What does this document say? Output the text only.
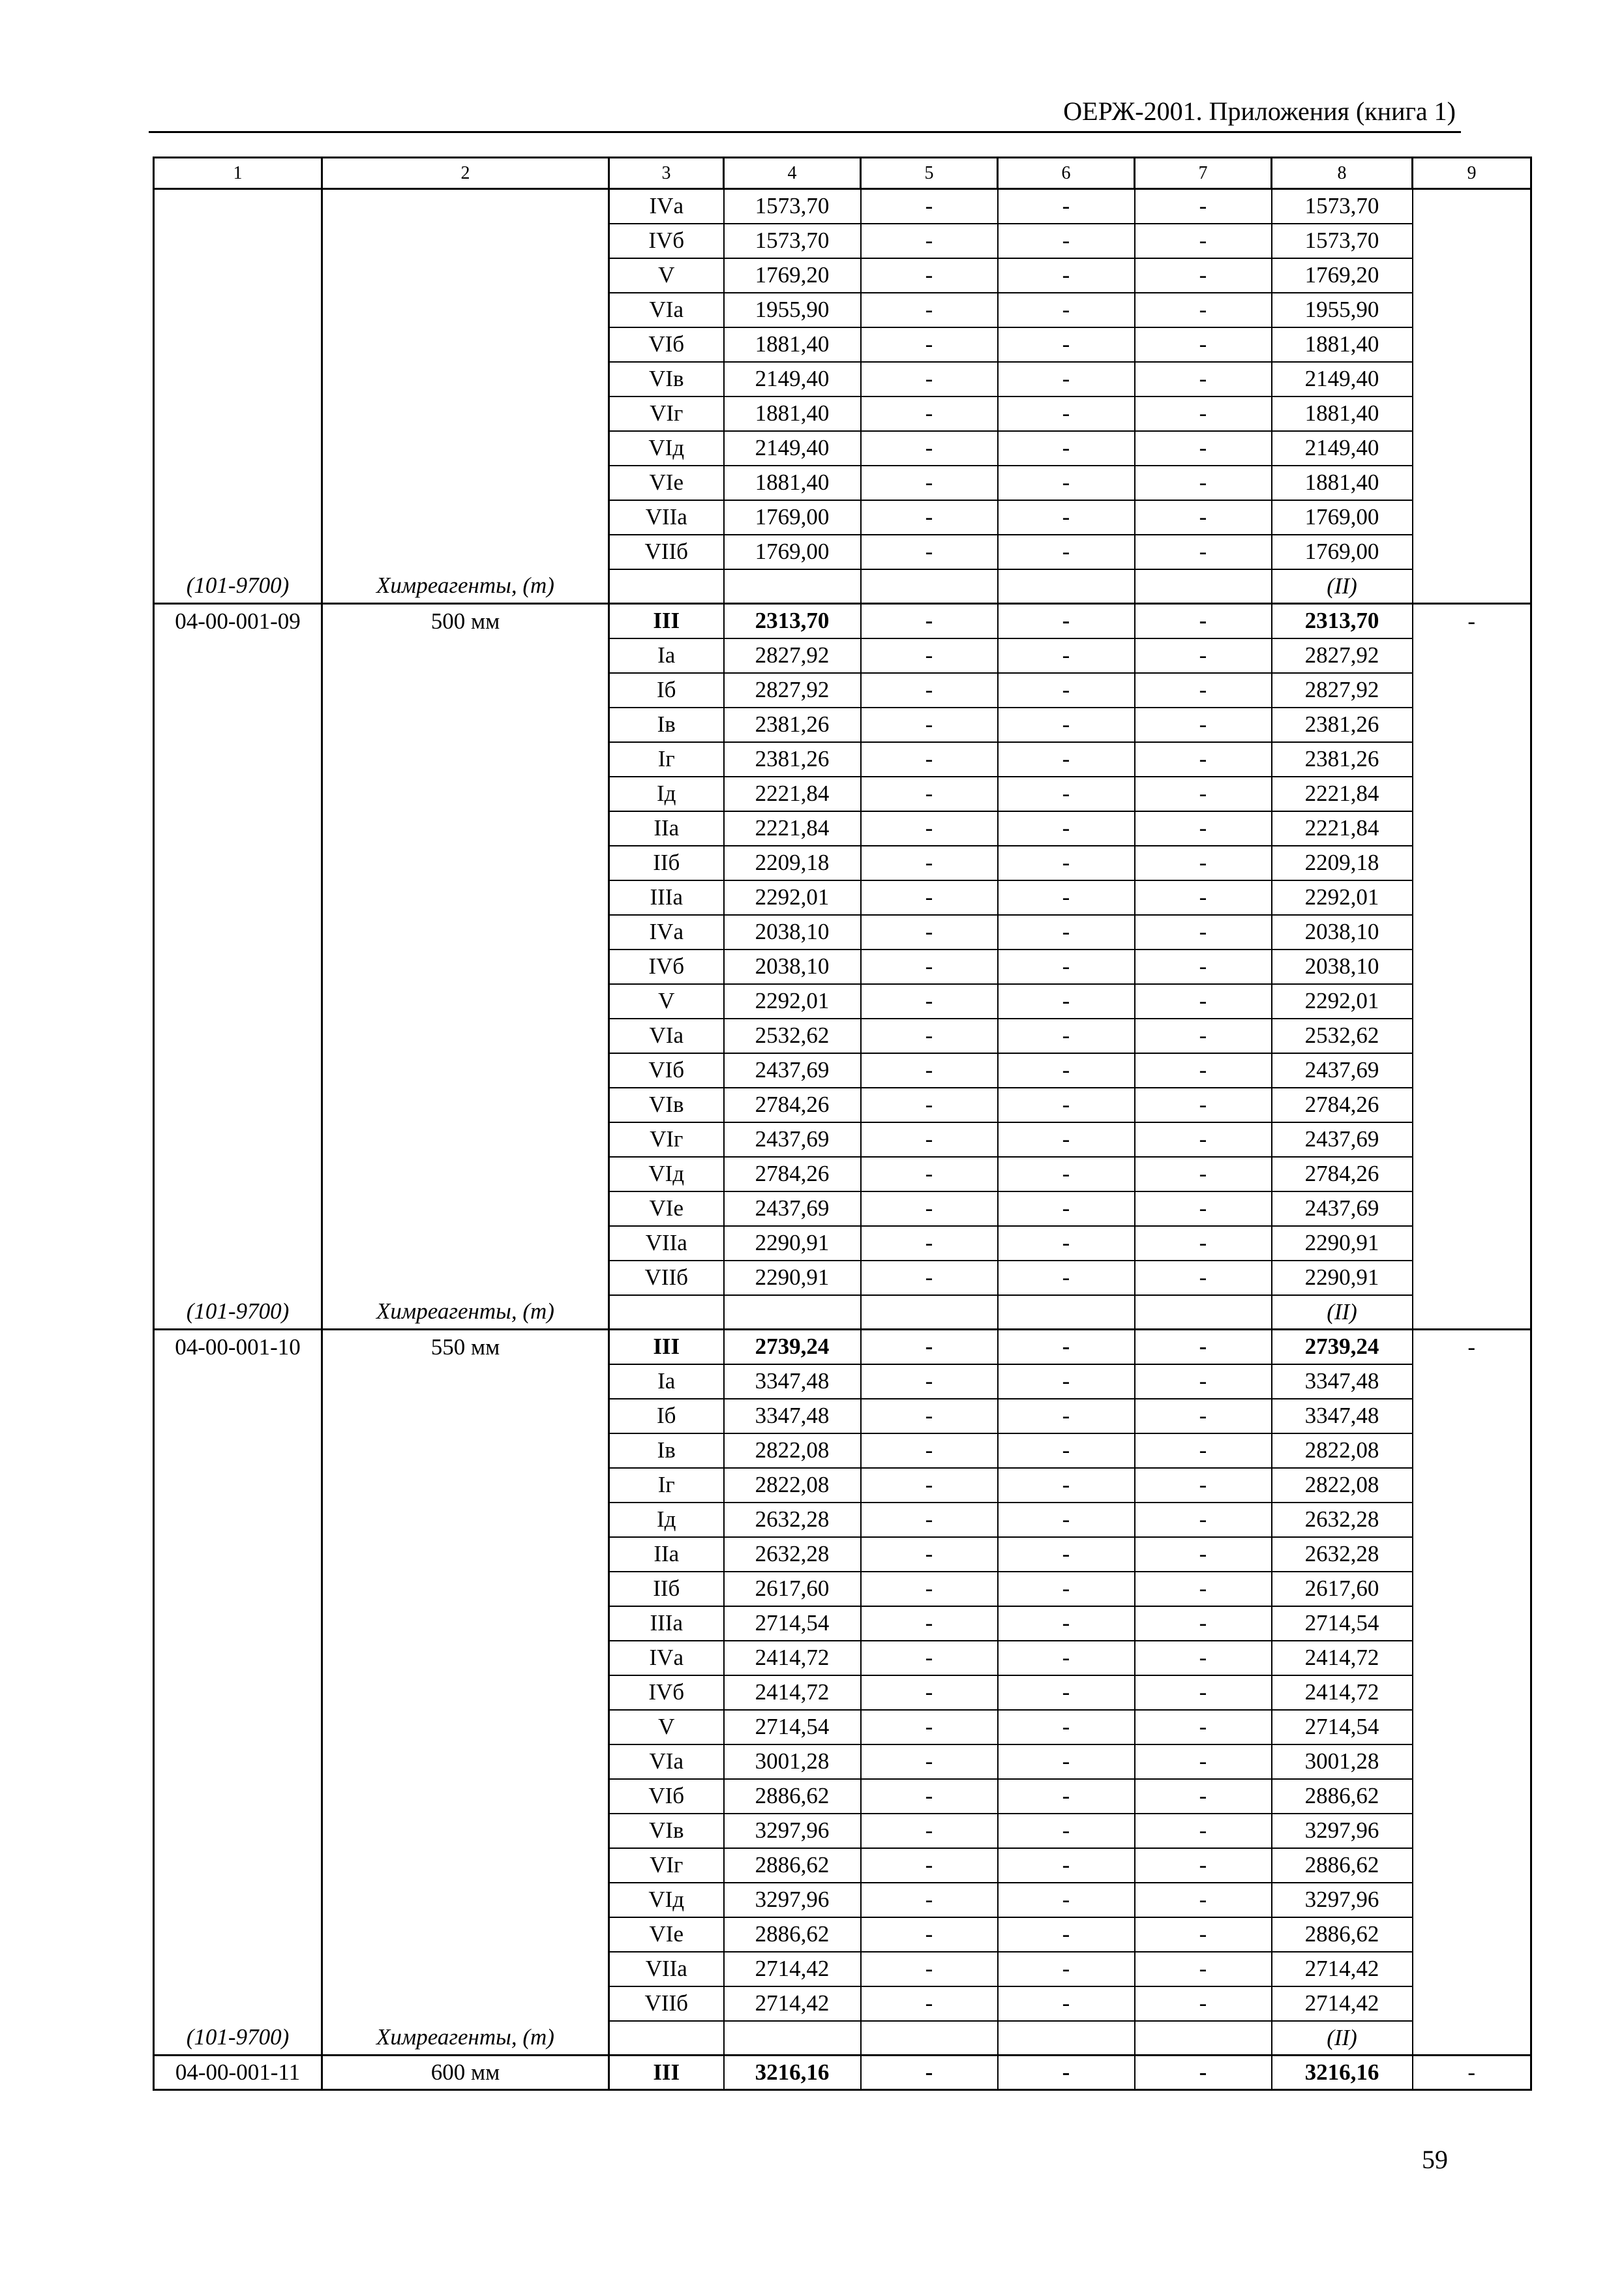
ОЕРЖ-2001. Приложения (книга 1)
1	2	3	4	5	6	7	8	9
		IVа	1573,70	-	-	-	1573,70	
		IVб	1573,70	-	-	-	1573,70	
		V	1769,20	-	-	-	1769,20	
		VIа	1955,90	-	-	-	1955,90	
		VIб	1881,40	-	-	-	1881,40	
		VIв	2149,40	-	-	-	2149,40	
		VIг	1881,40	-	-	-	1881,40	
		VIд	2149,40	-	-	-	2149,40	
		VIе	1881,40	-	-	-	1881,40	
		VIIа	1769,00	-	-	-	1769,00	
		VIIб	1769,00	-	-	-	1769,00	
(101-9700)	Химреагенты, (т)						(II)	
04-00-001-09	500 мм	III	2313,70	-	-	-	2313,70	-
		Iа	2827,92	-	-	-	2827,92	
		Iб	2827,92	-	-	-	2827,92	
		Iв	2381,26	-	-	-	2381,26	
		Iг	2381,26	-	-	-	2381,26	
		Iд	2221,84	-	-	-	2221,84	
		IIа	2221,84	-	-	-	2221,84	
		IIб	2209,18	-	-	-	2209,18	
		IIIа	2292,01	-	-	-	2292,01	
		IVа	2038,10	-	-	-	2038,10	
		IVб	2038,10	-	-	-	2038,10	
		V	2292,01	-	-	-	2292,01	
		VIа	2532,62	-	-	-	2532,62	
		VIб	2437,69	-	-	-	2437,69	
		VIв	2784,26	-	-	-	2784,26	
		VIг	2437,69	-	-	-	2437,69	
		VIд	2784,26	-	-	-	2784,26	
		VIе	2437,69	-	-	-	2437,69	
		VIIа	2290,91	-	-	-	2290,91	
		VIIб	2290,91	-	-	-	2290,91	
(101-9700)	Химреагенты, (т)						(II)	
04-00-001-10	550 мм	III	2739,24	-	-	-	2739,24	-
		Iа	3347,48	-	-	-	3347,48	
		Iб	3347,48	-	-	-	3347,48	
		Iв	2822,08	-	-	-	2822,08	
		Iг	2822,08	-	-	-	2822,08	
		Iд	2632,28	-	-	-	2632,28	
		IIа	2632,28	-	-	-	2632,28	
		IIб	2617,60	-	-	-	2617,60	
		IIIа	2714,54	-	-	-	2714,54	
		IVа	2414,72	-	-	-	2414,72	
		IVб	2414,72	-	-	-	2414,72	
		V	2714,54	-	-	-	2714,54	
		VIа	3001,28	-	-	-	3001,28	
		VIб	2886,62	-	-	-	2886,62	
		VIв	3297,96	-	-	-	3297,96	
		VIг	2886,62	-	-	-	2886,62	
		VIд	3297,96	-	-	-	3297,96	
		VIе	2886,62	-	-	-	2886,62	
		VIIа	2714,42	-	-	-	2714,42	
		VIIб	2714,42	-	-	-	2714,42	
(101-9700)	Химреагенты, (т)						(II)	
04-00-001-11	600 мм	III	3216,16	-	-	-	3216,16	-
59
